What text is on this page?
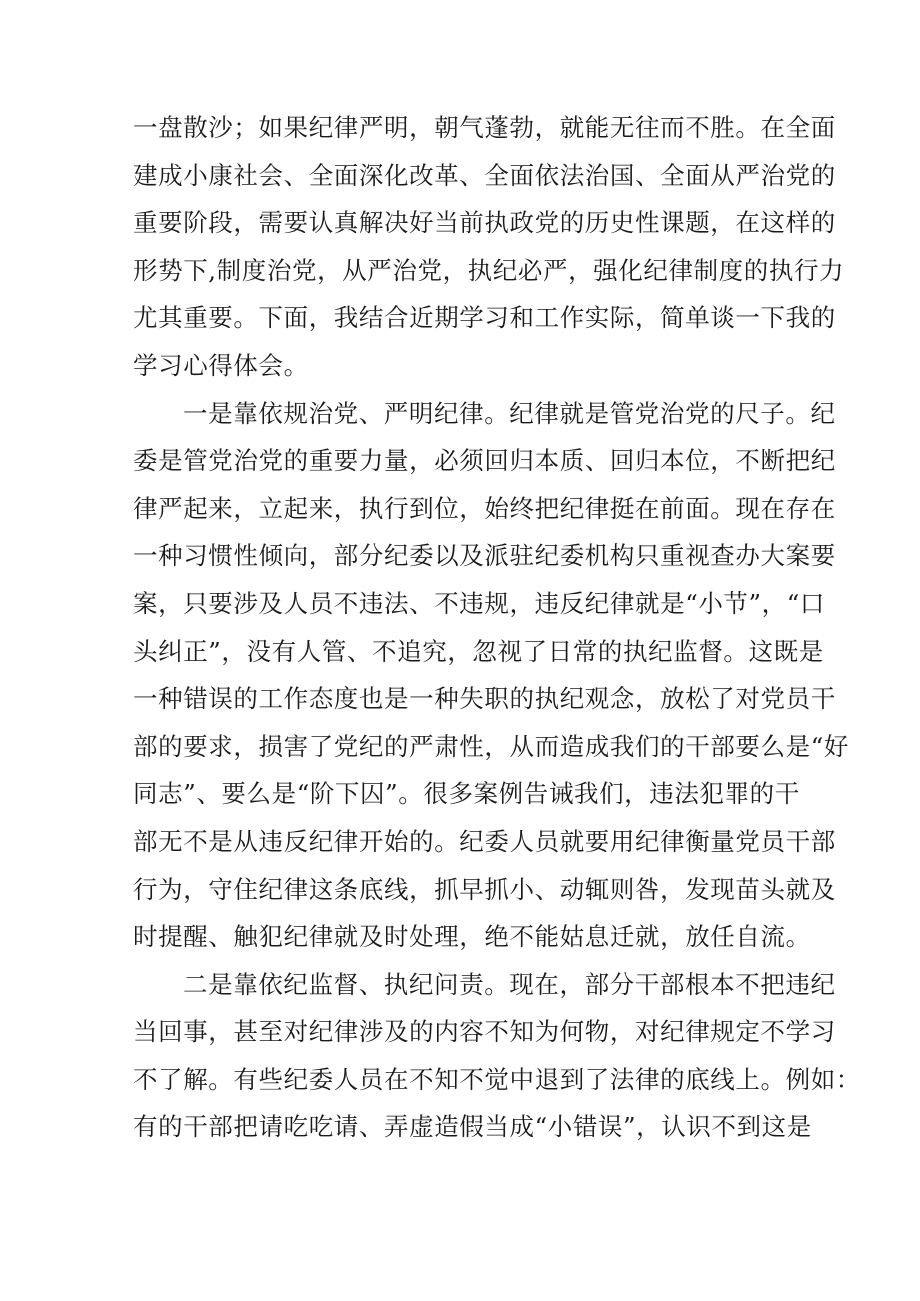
一盘散沙；如果纪律严明，朝气蓬勃，就能无往而不胜。在全面
建成小康社会、全面深化改革、全面依法治国、全面从严治党的
重要阶段，需要认真解决好当前执政党的历史性课题，在这样的
形势下,制度治党，从严治党，执纪必严，强化纪律制度的执行力
尤其重要。下面，我结合近期学习和工作实际，简单谈一下我的
学习心得体会。
一是靠依规治党、严明纪律。纪律就是管党治党的尺子。纪
委是管党治党的重要力量，必须回归本质、回归本位，不断把纪
律严起来，立起来，执行到位，始终把纪律挺在前面。现在存在
一种习惯性倾向，部分纪委以及派驻纪委机构只重视查办大案要
案，只要涉及人员不违法、不违规，违反纪律就是“小节”，“口
头纠正”，没有人管、不追究，忽视了日常的执纪监督。这既是
一种错误的工作态度也是一种失职的执纪观念，放松了对党员干
部的要求，损害了党纪的严肃性，从而造成我们的干部要么是“好
同志”、要么是“阶下囚”。很多案例告诫我们，违法犯罪的干
部无不是从违反纪律开始的。纪委人员就要用纪律衡量党员干部
行为，守住纪律这条底线，抓早抓小、动辄则咎，发现苗头就及
时提醒、触犯纪律就及时处理，绝不能姑息迁就，放任自流。
二是靠依纪监督、执纪问责。现在，部分干部根本不把违纪
当回事，甚至对纪律涉及的内容不知为何物，对纪律规定不学习
不了解。有些纪委人员在不知不觉中退到了法律的底线上。例如：
有的干部把请吃吃请、弄虚造假当成“小错误”，认识不到这是
